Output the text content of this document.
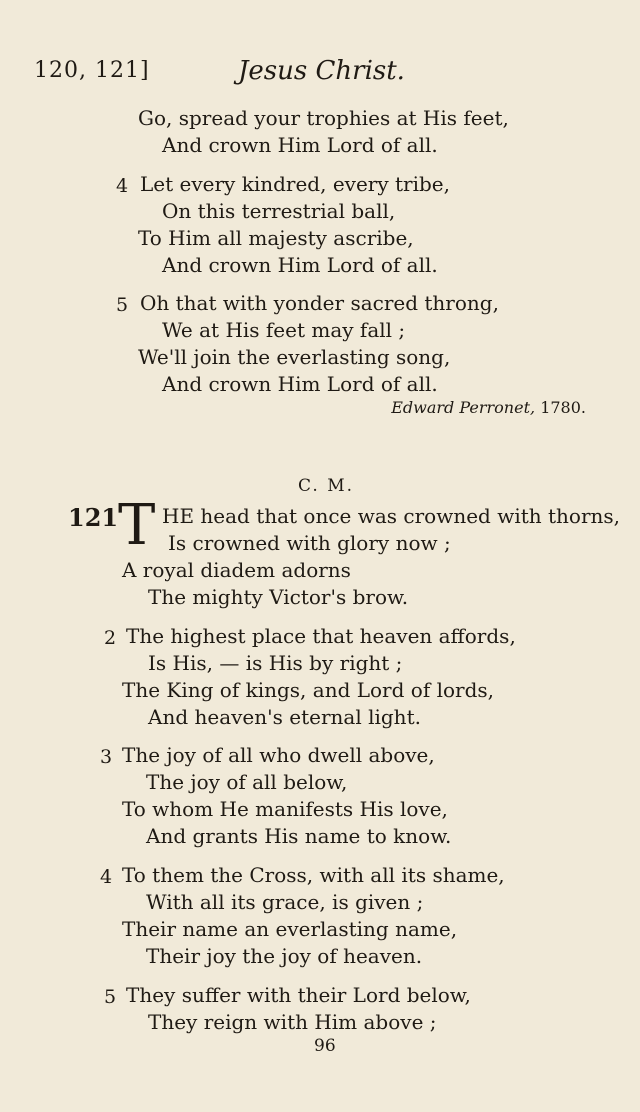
120, 121]	Jesus Christ.
Go, spread your trophies at His feet,
And crown Him Lord of all.
4 Let every kindred, every tribe,
On this terrestrial ball,
To Him all majesty ascribe,
And crown Him Lord of all.
5 Oh that with yonder sacred throng,
We at His feet may fall ;
We'll join the everlasting song,
And crown Him Lord of all.
Edward Perronet, 1780.
C. M.
121 T HE head that once was crowned with thorns,
Is crowned with glory now ;
A royal diadem adorns
The mighty Victor's brow.
2 The highest place that heaven affords,
Is His, — is His by right ;
The King of kings, and Lord of lords,
And heaven's eternal light.
3 The joy of all who dwell above,
The joy of all below,
To whom He manifests His love,
And grants His name to know.
4 To them the Cross, with all its shame,
With all its grace, is given ;
Their name an everlasting name,
Their joy the joy of heaven.
5 They suffer with their Lord below,
They reign with Him above ;
96
